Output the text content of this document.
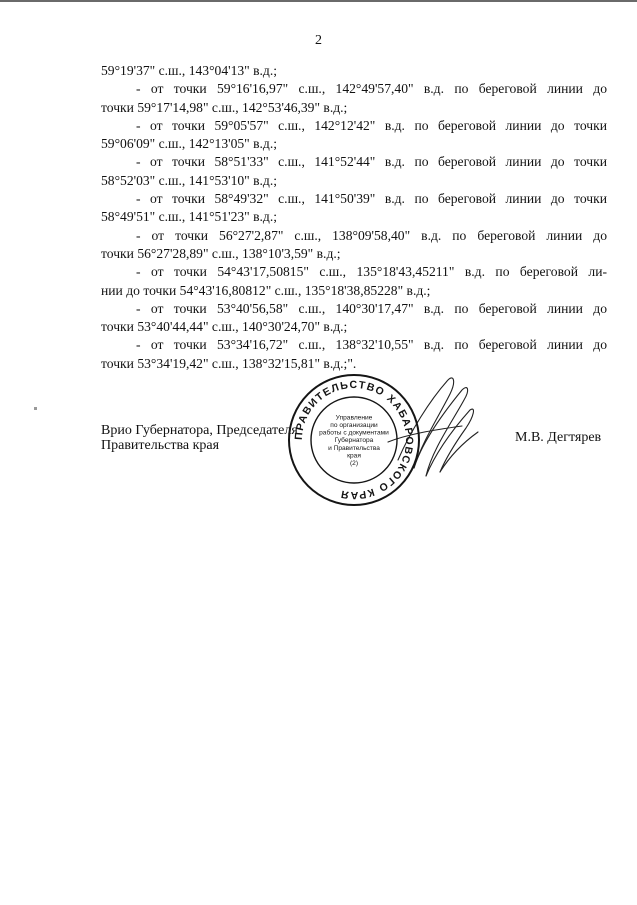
2
59°19'37" с.ш., 143°04'13" в.д.;
- от точки 59°16'16,97" с.ш., 142°49'57,40" в.д. по береговой линии до
точки 59°17'14,98" с.ш., 142°53'46,39" в.д.;
- от точки 59°05'57" с.ш., 142°12'42" в.д. по береговой линии до точки
59°06'09" с.ш., 142°13'05" в.д.;
- от точки 58°51'33" с.ш., 141°52'44" в.д. по береговой линии до точки
58°52'03" с.ш., 141°53'10" в.д.;
- от точки 58°49'32" с.ш., 141°50'39" в.д. по береговой линии до точки
58°49'51" с.ш., 141°51'23" в.д.;
- от точки 56°27'2,87" с.ш., 138°09'58,40" в.д. по береговой линии до
точки 56°27'28,89" с.ш., 138°10'3,59" в.д.;
- от точки 54°43'17,50815" с.ш., 135°18'43,45211" в.д. по береговой ли-
нии до точки 54°43'16,80812" с.ш., 135°18'38,85228" в.д.;
- от точки 53°40'56,58" с.ш., 140°30'17,47" в.д. по береговой линии до
точки 53°40'44,44" с.ш., 140°30'24,70" в.д.;
- от точки 53°34'16,72" с.ш., 138°32'10,55" в.д. по береговой линии до
точки 53°34'19,42" с.ш., 138°32'15,81" в.д.;".
Врио Губернатора, Председателя
Правительства края
ПРАВИТЕЛЬСТВО ХАБАРОВСКОГО КРАЯ
Управление
по организации
работы с документами
Губернатора
и Правительства
края
(2)
М.В. Дегтярев
